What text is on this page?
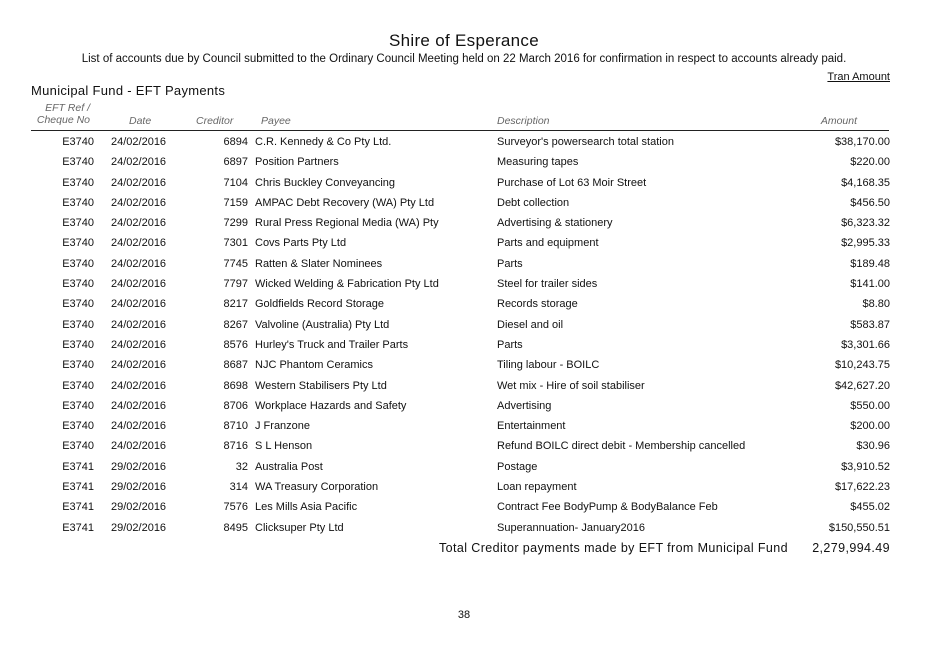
Shire of Esperance
List of accounts due by Council submitted to the Ordinary Council Meeting held on 22 March 2016 for confirmation in respect to accounts already paid.
Tran Amount
Municipal Fund - EFT Payments
EFT Ref /
Cheque No	Date	Creditor	Payee	Description	Amount
E3740 24/02/2016	6894 C.R. Kennedy & Co Pty Ltd.	Surveyor's powersearch total station	$38,170.00
E3740 24/02/2016	6897 Position Partners	Measuring tapes	$220.00
E3740 24/02/2016	7104 Chris Buckley Conveyancing	Purchase of Lot 63 Moir Street	$4,168.35
E3740 24/02/2016	7159 AMPAC Debt Recovery (WA) Pty Ltd	Debt collection	$456.50
E3740 24/02/2016	7299 Rural Press Regional Media (WA) Pty	Advertising & stationery	$6,323.32
E3740 24/02/2016	7301 Covs Parts Pty Ltd	Parts and equipment	$2,995.33
E3740 24/02/2016	7745 Ratten & Slater Nominees	Parts	$189.48
E3740 24/02/2016	7797 Wicked Welding & Fabrication Pty Ltd	Steel for trailer sides	$141.00
E3740 24/02/2016	8217 Goldfields Record Storage	Records storage	$8.80
E3740 24/02/2016	8267 Valvoline (Australia) Pty Ltd	Diesel and oil	$583.87
E3740 24/02/2016	8576 Hurley's Truck and Trailer Parts	Parts	$3,301.66
E3740 24/02/2016	8687 NJC Phantom Ceramics	Tiling labour - BOILC	$10,243.75
E3740 24/02/2016	8698 Western Stabilisers Pty Ltd	Wet mix - Hire of soil stabiliser	$42,627.20
E3740 24/02/2016	8706 Workplace Hazards and Safety	Advertising	$550.00
E3740 24/02/2016	8710 J Franzone	Entertainment	$200.00
E3740 24/02/2016	8716 S L Henson	Refund BOILC direct debit - Membership cancelled	$30.96
E3741 29/02/2016	32 Australia Post	Postage	$3,910.52
E3741 29/02/2016	314 WA Treasury Corporation	Loan repayment	$17,622.23
E3741 29/02/2016	7576 Les Mills Asia Pacific	Contract Fee BodyPump & BodyBalance Feb	$455.02
E3741 29/02/2016	8495 Clicksuper Pty Ltd	Superannuation- January2016	$150,550.51
Total Creditor payments made by EFT from Municipal Fund 2,279,994.49
38
